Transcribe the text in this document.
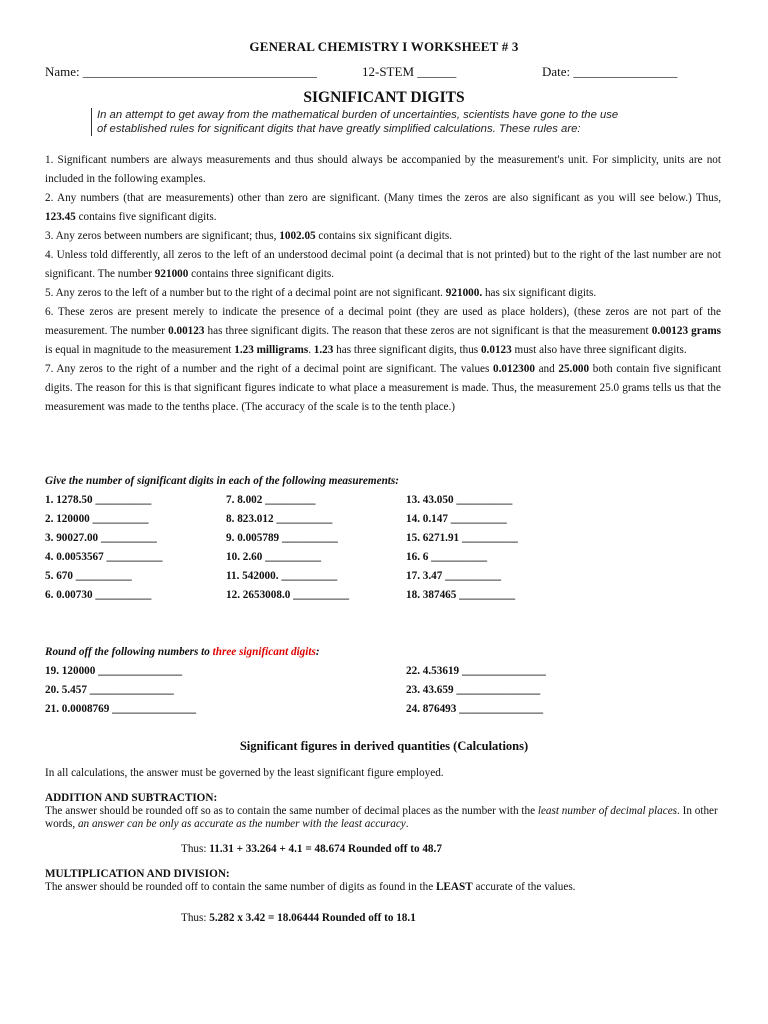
GENERAL CHEMISTRY I WORKSHEET # 3
Name: ____________________________________	12-STEM ______	Date: ________________
SIGNIFICANT DIGITS
In an attempt to get away from the mathematical burden of uncertainties, scientists have gone to the use
of established rules for significant digits that have greatly simplified calculations. These rules are:

1. Significant numbers are always measurements and thus should always be accompanied by the measurement's unit. For simplicity, units are not included in the following examples.

2. Any numbers (that are measurements) other than zero are significant. (Many times the zeros are also significant as you will see below.) Thus, 123.45 contains five significant digits.

3. Any zeros between numbers are significant; thus, 1002.05 contains six significant digits.

4. Unless told differently, all zeros to the left of an understood decimal point (a decimal that is not printed) but to the right of the last number are not significant. The number 921000 contains three significant digits.

5. Any zeros to the left of a number but to the right of a decimal point are not significant. 921000. has six significant digits.

6. These zeros are present merely to indicate the presence of a decimal point (they are used as place holders), (these zeros are not part of the measurement. The number 0.00123 has three significant digits. The reason that these zeros are not significant is that the measurement 0.00123 grams is equal in magnitude to the measurement 1.23 milligrams. 1.23 has three significant digits, thus 0.0123 must also have three significant digits.

7. Any zeros to the right of a number and the right of a decimal point are significant. The values 0.012300 and 25.000 both contain five significant digits. The reason for this is that significant figures indicate to what place a measurement is made. Thus, the measurement 25.0 grams tells us that the measurement was made to the tenths place. (The accuracy of the scale is to the tenth place.)

Give the number of significant digits in each of the following measurements:
1. 1278.50 __________
2. 120000 __________
3. 90027.00 __________
4. 0.0053567 __________
5. 670 __________
6. 0.00730 __________
7. 8.002 _________
8. 823.012 __________
9. 0.005789 __________
10. 2.60 __________
11. 542000. __________
12. 2653008.0 __________
13. 43.050 __________
14. 0.147 __________
15. 6271.91 __________
16. 6 __________
17. 3.47 __________
18. 387465 __________
Round off the following numbers to three significant digits:
19. 120000 _______________
20. 5.457 _______________
21. 0.0008769 _______________
22. 4.53619 _______________
23. 43.659 _______________
24. 876493 _______________
Significant figures in derived quantities (Calculations)
In all calculations, the answer must be governed by the least significant figure employed.
ADDITION AND SUBTRACTION:
The answer should be rounded off so as to contain the same number of decimal places as the number with the least number of decimal places. In other words, an answer can be only as accurate as the number with the least accuracy.
Thus: 11.31 + 33.264 + 4.1 = 48.674 Rounded off to 48.7
MULTIPLICATION AND DIVISION:
The answer should be rounded off to contain the same number of digits as found in the LEAST accurate of the values.
Thus: 5.282 x 3.42 = 18.06444 Rounded off to 18.1
